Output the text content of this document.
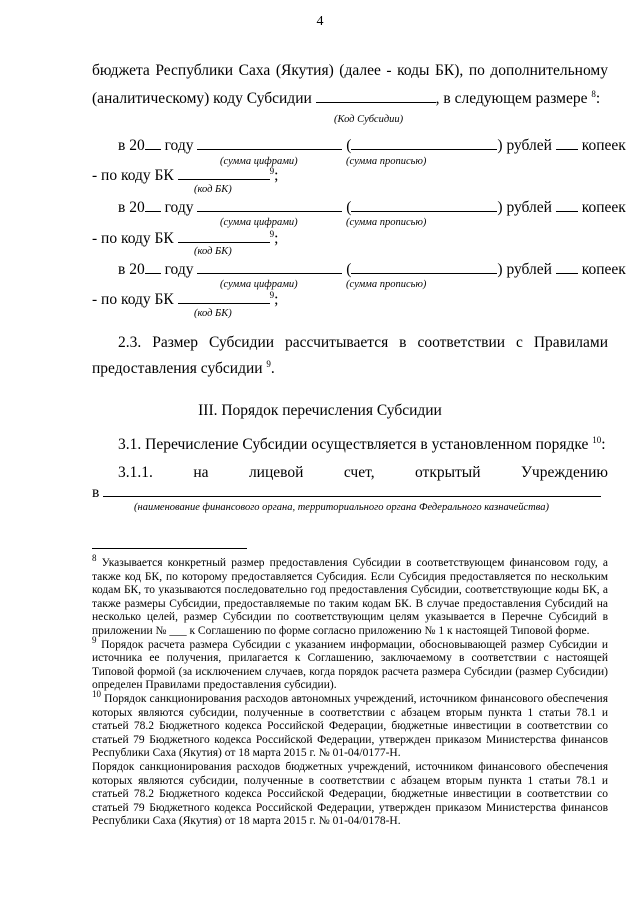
4
бюджета Республики Саха (Якутия) (далее - коды БК), по дополнительному
(аналитическому) коду Субсидии	, в следующем размере $^8$:
(Код Субсидии)
в 20 году	(	) рублей копеек
(сумма цифрами)	(сумма прописью)
- по коду БК	$^9$;
(код БК)
в 20 году	(	) рублей копеек
(сумма цифрами)	(сумма прописью)
- по коду БК	$^9$;
(код БК)
в 20 году	(	) рублей копеек
(сумма цифрами)	(сумма прописью)
- по коду БК	$^9$;
(код БК)
2.3. Размер Субсидии рассчитывается в соответствии с Правилами
предоставления субсидии $^9$.
III. Порядок перечисления Субсидии
3.1. Перечисление Субсидии осуществляется в установленном порядке $^{10}$:
3.1.1.	на	лицевой	счет,	открытый	Учреждению
в
(наименование финансового органа, территориального органа Федерального казначейства)

$^8$ Указывается конкретный размер предоставления Субсидии в соответствующем финансовом году, а также код БК, по которому предоставляется Субсидия. Если Субсидия предоставляется по нескольким кодам БК, то указываются последовательно год предоставления Субсидии, соответствующие коды БК, а также размеры Субсидии, предоставляемые по таким кодам БК. В случае предоставления Субсидий на несколько целей, размер Субсидии по соответствующим целям указывается в Перечне Субсидий в приложении № ___ к Соглашению по форме согласно приложению № 1 к настоящей Типовой форме.

$^9$ Порядок расчета размера Субсидии с указанием информации, обосновывающей размер Субсидии и источника ее получения, прилагается к Соглашению, заключаемому в соответствии с настоящей Типовой формой (за исключением случаев, когда порядок расчета размера Субсидии (размер Субсидии) определен Правилами предоставления субсидии).

$^{10}$ Порядок санкционирования расходов автономных учреждений, источником финансового обеспечения которых являются субсидии, полученные в соответствии с абзацем вторым пункта 1 статьи 78.1 и статьей 78.2 Бюджетного кодекса Российской Федерации, бюджетные инвестиции в соответствии со статьей 79 Бюджетного кодекса Российской Федерации, утвержден приказом Министерства финансов Республики Саха (Якутия) от 18 марта 2015 г. № 01-04/0177-Н.

Порядок санкционирования расходов бюджетных учреждений, источником финансового обеспечения которых являются субсидии, полученные в соответствии с абзацем вторым пункта 1 статьи 78.1 и статьей 78.2 Бюджетного кодекса Российской Федерации, бюджетные инвестиции в соответствии со статьей 79 Бюджетного кодекса Российской Федерации, утвержден приказом Министерства финансов Республики Саха (Якутия) от 18 марта 2015 г. № 01-04/0178-Н.
